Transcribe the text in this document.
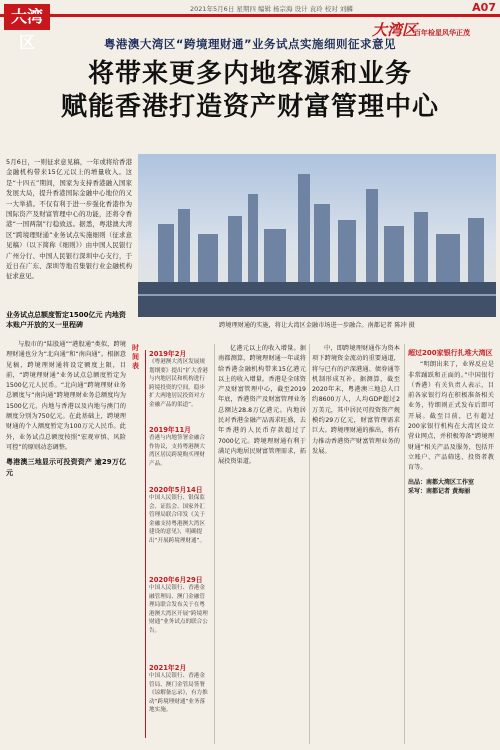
区
2021年5月6日 星期四 编辑 杨宗海 设计 袁玲 校对 刘麟	A07
大湾区
百年检星风华正茂
粤港澳大湾区“跨境理财通”业务试点实施细则征求意见
将带来更多内地客源和业务
赋能香港打造资产财富管理中心

5月6日，一则征求意见稿，一年或将给香港金融机构带来15亿元以上的增量收入。这是“十四五”期间，国家为支持香港融入国家发展大局，提升香港国际金融中心地位的又一大举措。不仅有利于进一步强化香港作为国际资产及财富管理中心的功能，还将令香港“一国两制”行稳致远。据悉，粤港澳大湾区“跨境理财通”业务试点实施细则（征求意见稿）（以下简称《细则》）由中国人民银行广州分行、中国人民银行深圳中心支行，于近日在广东、深圳等地召集银行业金融机构征求意见。

跨境理财通的实施，将让大湾区金融市场进一步融合。南都记者 陈冲 摄
业务试点总额度暂定1500亿元 内地资本账户开放的又一里程碑

与股市的“陆股通”“港股通”类似，跨境理财通也分为“北向通”和“南向通”。根据意见稿，跨境理财通将设定额度上限，目前，“跨境理财通”业务试点总额度暂定为1500亿元人民币。“北向通”跨境理财业务总额度与“南向通”跨境理财业务总额度均为1500亿元，内地与香港以及内地与澳门的额度分别为750亿元。在此基础上，跨境理财通的个人额度暂定为100万元人民币。此外，业务试点总额度按照“宏观审慎、风险可控”的原则动态调整。

粤港澳三地显示可投资资产 逾29万亿元
时间表
2019年2月
《粤港澳大湾区发展规划纲要》提出“扩大香港与内地居民和机构进行跨境投资的空间，稳步扩大两地居民投资对方金融产品的渠道”。
2019年11月
香港与内地签署金融合作协议，支持粤港澳大湾区居民跨境购买理财产品。
2020年5月14日
中国人民银行、银保监会、证监会、国家外汇管理局联合印发《关于金融支持粤港澳大湾区建设的意见》，明确提出“开展跨境理财通”。
2020年6月29日
中国人民银行、香港金融管理局、澳门金融管理局联合发布关于在粤港澳大湾区开展“跨境理财通”业务试点的联合公告。
2021年2月
中国人民银行、香港金管局、澳门金管局签署《谅解备忘录》，有力推动“跨境理财通”业务落地实施。

亿港元以上的收入增量。据南都测算，跨境理财通一年或将给香港金融机构带来15亿港元以上的收入增量。香港是全球资产及财富管理中心，截至2019年底，香港资产及财富管理业务总额达28.8万亿港元。内地居民对香港金融产品需求旺盛，去年香港的人民币存款超过了7000亿元。跨境理财通有利于满足内地居民财富管理需求，拓展投资渠道。

中，即跨境理财通作为资本项下跨境资金流动的重要通道，将与已有的沪深港通、债券通等机制形成互补。据测算，截至2020年末，粤港澳三地总人口约8600万人，人均GDP超过2万美元，其中居民可投资资产规模约29万亿元，财富管理需求巨大。跨境理财通的推出，将有力推动香港资产财富管理业务的发展。

超过200家银行扎堆大湾区

“明朗出来了，业界反应是非常踊跃和正面的。”中国银行（香港）有关负责人表示，目前各家银行均在积极准备相关业务，待细则正式发布后即可开展。截至目前，已有超过200家银行机构在大湾区设立营业网点，并积极筹备“跨境理财通”相关产品及服务，包括开立账户、产品筛选、投资者教育等。

出品：南都大湾区工作室
采写：南都记者 黄海丽
